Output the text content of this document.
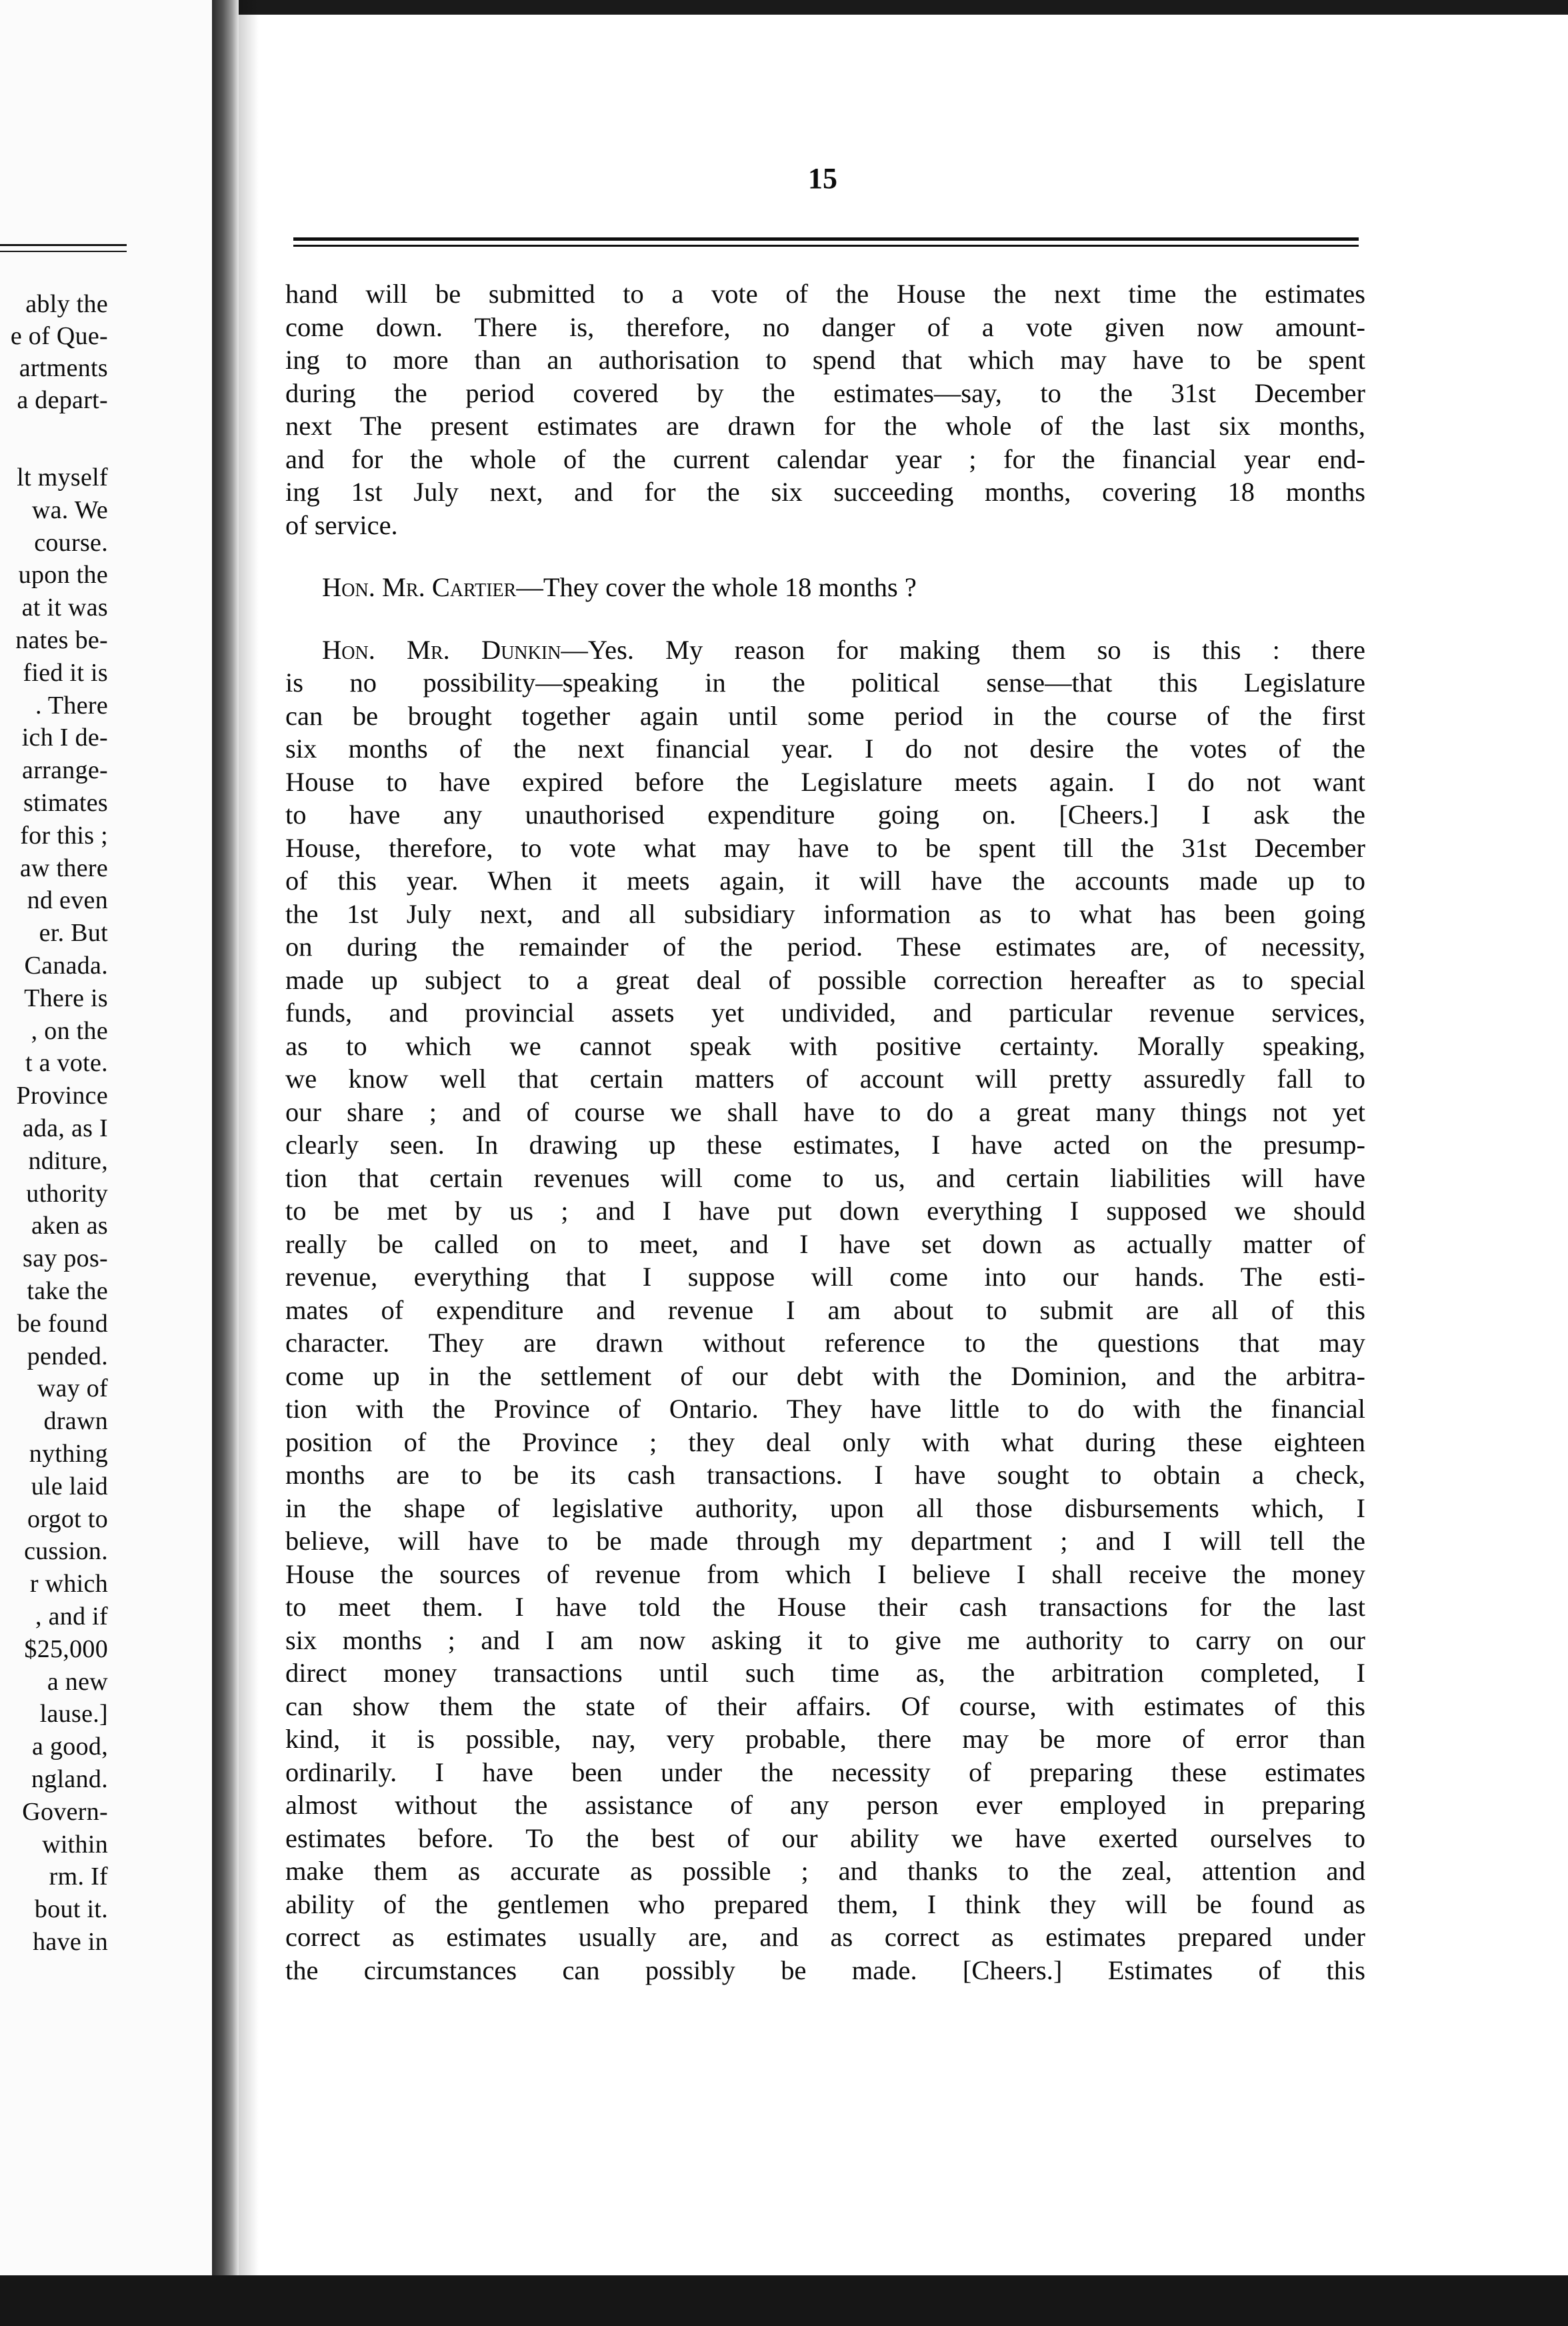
ably the
e of Que-
artments
a depart-
lt myself
wa. We
course.
upon the
at it was
nates be-
fied it is
. There
ich I de-
arrange-
stimates
for this ;
aw there
nd even
er. But
Canada.
There is
, on the
t a vote.
Province
ada, as I
nditure,
uthority
aken as
say pos-
take the
be found
pended.
way of
drawn
nything
ule laid
orgot to
cussion.
r which
, and if
$25,000
a new
lause.]
a good,
ngland.
Govern-
within
rm. If
bout it.
have in
15
hand will be submitted to a vote of the House the next time the estimates
come down. There is, therefore, no danger of a vote given now amount-
ing to more than an authorisation to spend that which may have to be spent
during the period covered by the estimates—say, to the 31st December
next The present estimates are drawn for the whole of the last six months,
and for the whole of the current calendar year ; for the financial year end-
ing 1st July next, and for the six succeeding months, covering 18 months
of service.
Hon. Mr. Cartier—They cover the whole 18 months ?
Hon. Mr. Dunkin—Yes. My reason for making them so is this : there
is no possibility—speaking in the political sense—that this Legislature
can be brought together again until some period in the course of the first
six months of the next financial year. I do not desire the votes of the
House to have expired before the Legislature meets again. I do not want
to have any unauthorised expenditure going on. [Cheers.] I ask the
House, therefore, to vote what may have to be spent till the 31st December
of this year. When it meets again, it will have the accounts made up to
the 1st July next, and all subsidiary information as to what has been going
on during the remainder of the period. These estimates are, of necessity,
made up subject to a great deal of possible correction hereafter as to special
funds, and provincial assets yet undivided, and particular revenue services,
as to which we cannot speak with positive certainty. Morally speaking,
we know well that certain matters of account will pretty assuredly fall to
our share ; and of course we shall have to do a great many things not yet
clearly seen. In drawing up these estimates, I have acted on the presump-
tion that certain revenues will come to us, and certain liabilities will have
to be met by us ; and I have put down everything I supposed we should
really be called on to meet, and I have set down as actually matter of
revenue, everything that I suppose will come into our hands. The esti-
mates of expenditure and revenue I am about to submit are all of this
character. They are drawn without reference to the questions that may
come up in the settlement of our debt with the Dominion, and the arbitra-
tion with the Province of Ontario. They have little to do with the financial
position of the Province ; they deal only with what during these eighteen
months are to be its cash transactions. I have sought to obtain a check,
in the shape of legislative authority, upon all those disbursements which, I
believe, will have to be made through my department ; and I will tell the
House the sources of revenue from which I believe I shall receive the money
to meet them. I have told the House their cash transactions for the last
six months ; and I am now asking it to give me authority to carry on our
direct money transactions until such time as, the arbitration completed, I
can show them the state of their affairs. Of course, with estimates of this
kind, it is possible, nay, very probable, there may be more of error than
ordinarily. I have been under the necessity of preparing these estimates
almost without the assistance of any person ever employed in preparing
estimates before. To the best of our ability we have exerted ourselves to
make them as accurate as possible ; and thanks to the zeal, attention and
ability of the gentlemen who prepared them, I think they will be found as
correct as estimates usually are, and as correct as estimates prepared under
the circumstances can possibly be made. [Cheers.] Estimates of this
